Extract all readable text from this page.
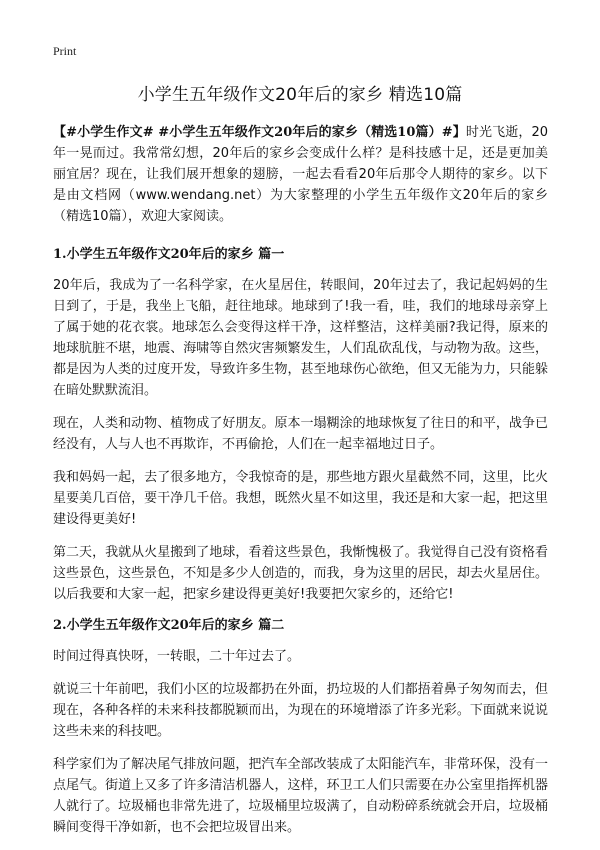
Print
小学生五年级作文20年后的家乡 精选10篇

【#小学生作文# #小学生五年级作文20年后的家乡（精选10篇）#】时光飞逝，20年一晃而过。我常常幻想，20年后的家乡会变成什么样？是科技感十足，还是更加美丽宜居？现在，让我们展开想象的翅膀，一起去看看20年后那令人期待的家乡。以下是由文档网（www.wendang.net）为大家整理的小学生五年级作文20年后的家乡（精选10篇），欢迎大家阅读。

1.小学生五年级作文20年后的家乡 篇一

20年后，我成为了一名科学家，在火星居住，转眼间，20年过去了，我记起妈妈的生日到了，于是，我坐上飞船，赶往地球。地球到了!我一看，哇，我们的地球母亲穿上了属于她的花衣裳。地球怎么会变得这样干净，这样整洁，这样美丽?我记得，原来的地球肮脏不堪，地震、海啸等自然灾害频繁发生，人们乱砍乱伐，与动物为敌。这些，都是因为人类的过度开发，导致许多生物，甚至地球伤心欲绝，但又无能为力，只能躲在暗处默默流泪。

现在，人类和动物、植物成了好朋友。原本一塌糊涂的地球恢复了往日的和平，战争已经没有，人与人也不再欺诈，不再偷抢，人们在一起幸福地过日子。

我和妈妈一起，去了很多地方，令我惊奇的是，那些地方跟火星截然不同，这里，比火星要美几百倍，要干净几千倍。我想，既然火星不如这里，我还是和大家一起，把这里建设得更美好!

第二天，我就从火星搬到了地球，看着这些景色，我惭愧极了。我觉得自己没有资格看这些景色，这些景色，不知是多少人创造的，而我，身为这里的居民，却去火星居住。以后我要和大家一起，把家乡建设得更美好!我要把欠家乡的，还给它!

2.小学生五年级作文20年后的家乡 篇二

时间过得真快呀，一转眼，二十年过去了。

就说三十年前吧，我们小区的垃圾都扔在外面，扔垃圾的人们都捂着鼻子匆匆而去，但现在，各种各样的未来科技都脱颖而出，为现在的环境增添了许多光彩。下面就来说说这些未来的科技吧。

科学家们为了解决尾气排放问题，把汽车全部改装成了太阳能汽车，非常环保，没有一点尾气。街道上又多了许多清洁机器人，这样，环卫工人们只需要在办公室里指挥机器人就行了。垃圾桶也非常先进了，垃圾桶里垃圾满了，自动粉碎系统就会开启，垃圾桶瞬间变得干净如新，也不会把垃圾冒出来。
